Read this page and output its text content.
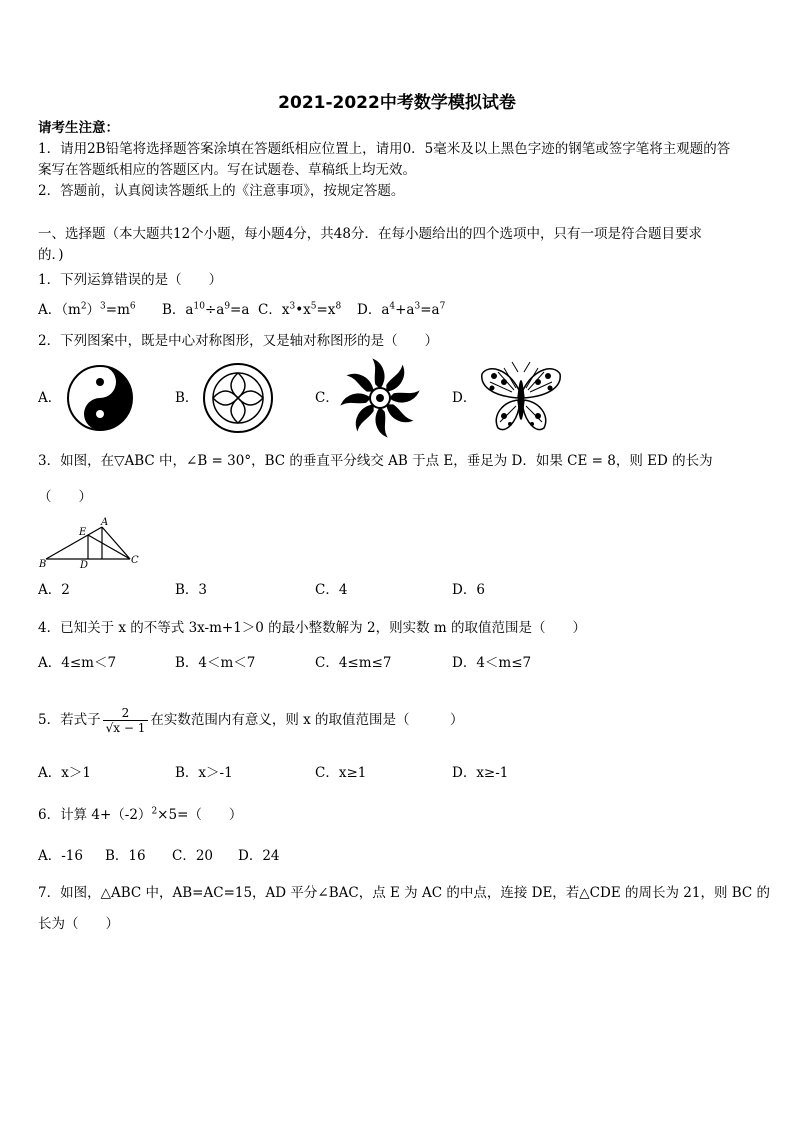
2021-2022中考数学模拟试卷
请考生注意：
1．请用2B铅笔将选择题答案涂填在答题纸相应位置上，请用0．5毫米及以上黑色字迹的钢笔或签字笔将主观题的答
案写在答题纸相应的答题区内。写在试题卷、草稿纸上均无效。
2．答题前，认真阅读答题纸上的《注意事项》，按规定答题。
一、选择题（本大题共12个小题，每小题4分，共48分．在每小题给出的四个选项中，只有一项是符合题目要求
的．)
1．下列运算错误的是（　　）
A．$(m^2)^3=m^6$ B．$a^{10}\div a^9=a$ C．$x^3•x^5=x^8$ D．$a^4+a^3=a^7$
2．下列图案中，既是中心对称图形，又是轴对称图形的是（　　）
A．	B．	C．	D．
3．如图，在▽ABC 中，∠B = 30°，BC 的垂直平分线交 AB 于点 E，垂足为 D．如果 CE = 8，则 ED 的长为
（　　）
E
A
B	D	C
A．2	B．3	C．4	D．6
4．已知关于 x 的不等式 3x-m+1＞0 的最小整数解为 2，则实数 m 的取值范围是（　　）
A．4≤m＜7	B．4＜m＜7	C．4≤m≤7	D．4＜m≤7
5．若式子 $\frac{2}{√x - 1}$ 在实数范围内有意义，则 x 的取值范围是（　　　）
A．x＞1	B．x＞-1	C．x≥1	D．x≥-1
6．计算 $4+(-2)^2\times 5=$（　　）
A．-16 B．16 C．20 D．24
7．如图，△ABC 中，AB=AC=15，AD 平分∠BAC，点 E 为 AC 的中点，连接 DE，若△CDE 的周长为 21，则 BC 的
长为（　　）
